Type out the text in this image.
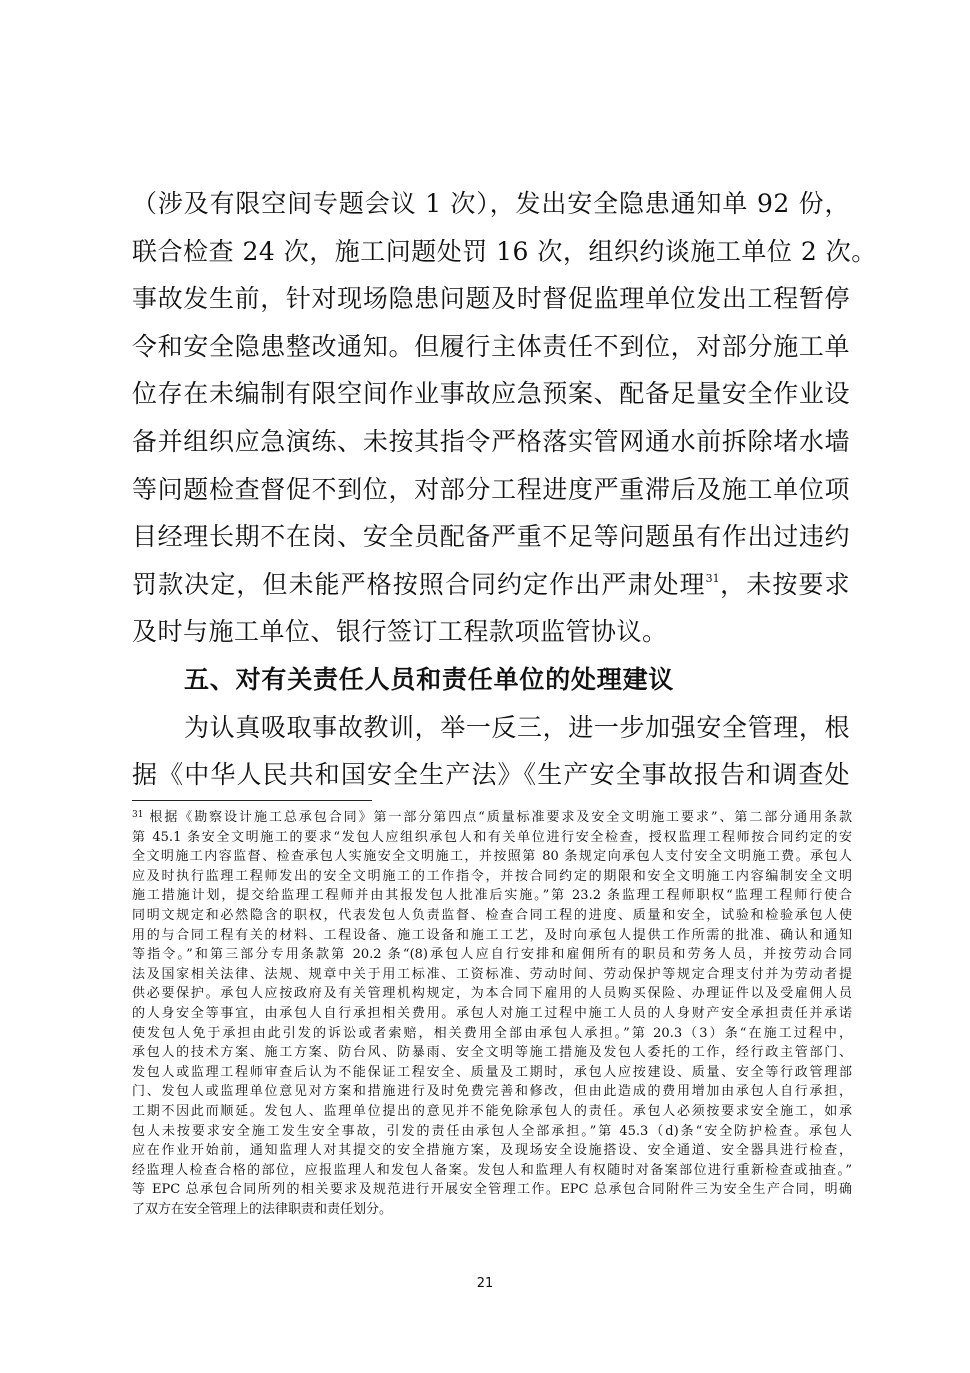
（涉及有限空间专题会议 1 次），发出安全隐患通知单 92 份，
联合检查 24 次，施工问题处罚 16 次，组织约谈施工单位 2 次。
事故发生前，针对现场隐患问题及时督促监理单位发出工程暂停
令和安全隐患整改通知。但履行主体责任不到位，对部分施工单
位存在未编制有限空间作业事故应急预案、配备足量安全作业设
备并组织应急演练、未按其指令严格落实管网通水前拆除堵水墙
等问题检查督促不到位，对部分工程进度严重滞后及施工单位项
目经理长期不在岗、安全员配备严重不足等问题虽有作出过违约
罚款决定，但未能严格按照合同约定作出严肃处理$^{31}$，未按要求
及时与施工单位、银行签订工程款项监管协议。
五、对有关责任人员和责任单位的处理建议
为认真吸取事故教训，举一反三，进一步加强安全管理，根
据《中华人民共和国安全生产法》《生产安全事故报告和调查处
$^{31}$ 根据《勘察设计施工总承包合同》第一部分第四点“质量标准要求及安全文明施工要求”、第二部分通用条款
第 45.1 条安全文明施工的要求“发包人应组织承包人和有关单位进行安全检查，授权监理工程师按合同约定的安
全文明施工内容监督、检查承包人实施安全文明施工，并按照第 80 条规定向承包人支付安全文明施工费。承包人
应及时执行监理工程师发出的安全文明施工的工作指令，并按合同约定的期限和安全文明施工内容编制安全文明
施工措施计划，提交给监理工程师并由其报发包人批准后实施。”第 23.2 条监理工程师职权“监理工程师行使合
同明文规定和必然隐含的职权，代表发包人负责监督、检查合同工程的进度、质量和安全，试验和检验承包人使
用的与合同工程有关的材料、工程设备、施工设备和施工工艺，及时向承包人提供工作所需的批准、确认和通知
等指令。”和第三部分专用条款第 20.2 条“(8)承包人应自行安排和雇佣所有的职员和劳务人员，并按劳动合同
法及国家相关法律、法规、规章中关于用工标准、工资标准、劳动时间、劳动保护等规定合理支付并为劳动者提
供必要保护。承包人应按政府及有关管理机构规定，为本合同下雇用的人员购买保险、办理证件以及受雇佣人员
的人身安全等事宜，由承包人自行承担相关费用。承包人对施工过程中施工人员的人身财产安全承担责任并承诺
使发包人免于承担由此引发的诉讼或者索赔，相关费用全部由承包人承担。”第 20.3（3）条“在施工过程中，
承包人的技术方案、施工方案、防台风、防暴雨、安全文明等施工措施及发包人委托的工作，经行政主管部门、
发包人或监理工程师审查后认为不能保证工程安全、质量及工期时，承包人应按建设、质量、安全等行政管理部
门、发包人或监理单位意见对方案和措施进行及时免费完善和修改，但由此造成的费用增加由承包人自行承担，
工期不因此而顺延。发包人、监理单位提出的意见并不能免除承包人的责任。承包人必须按要求安全施工，如承
包人未按要求安全施工发生安全事故，引发的责任由承包人全部承担。”第 45.3（d)条“安全防护检查。承包人
应在作业开始前，通知监理人对其提交的安全措施方案，及现场安全设施搭设、安全通道、安全器具进行检查，
经监理人检查合格的部位，应报监理人和发包人备案。发包人和监理人有权随时对备案部位进行重新检查或抽查。”
等 EPC 总承包合同所列的相关要求及规范进行开展安全管理工作。EPC 总承包合同附件三为安全生产合同，明确
了双方在安全管理上的法律职责和责任划分。
21
